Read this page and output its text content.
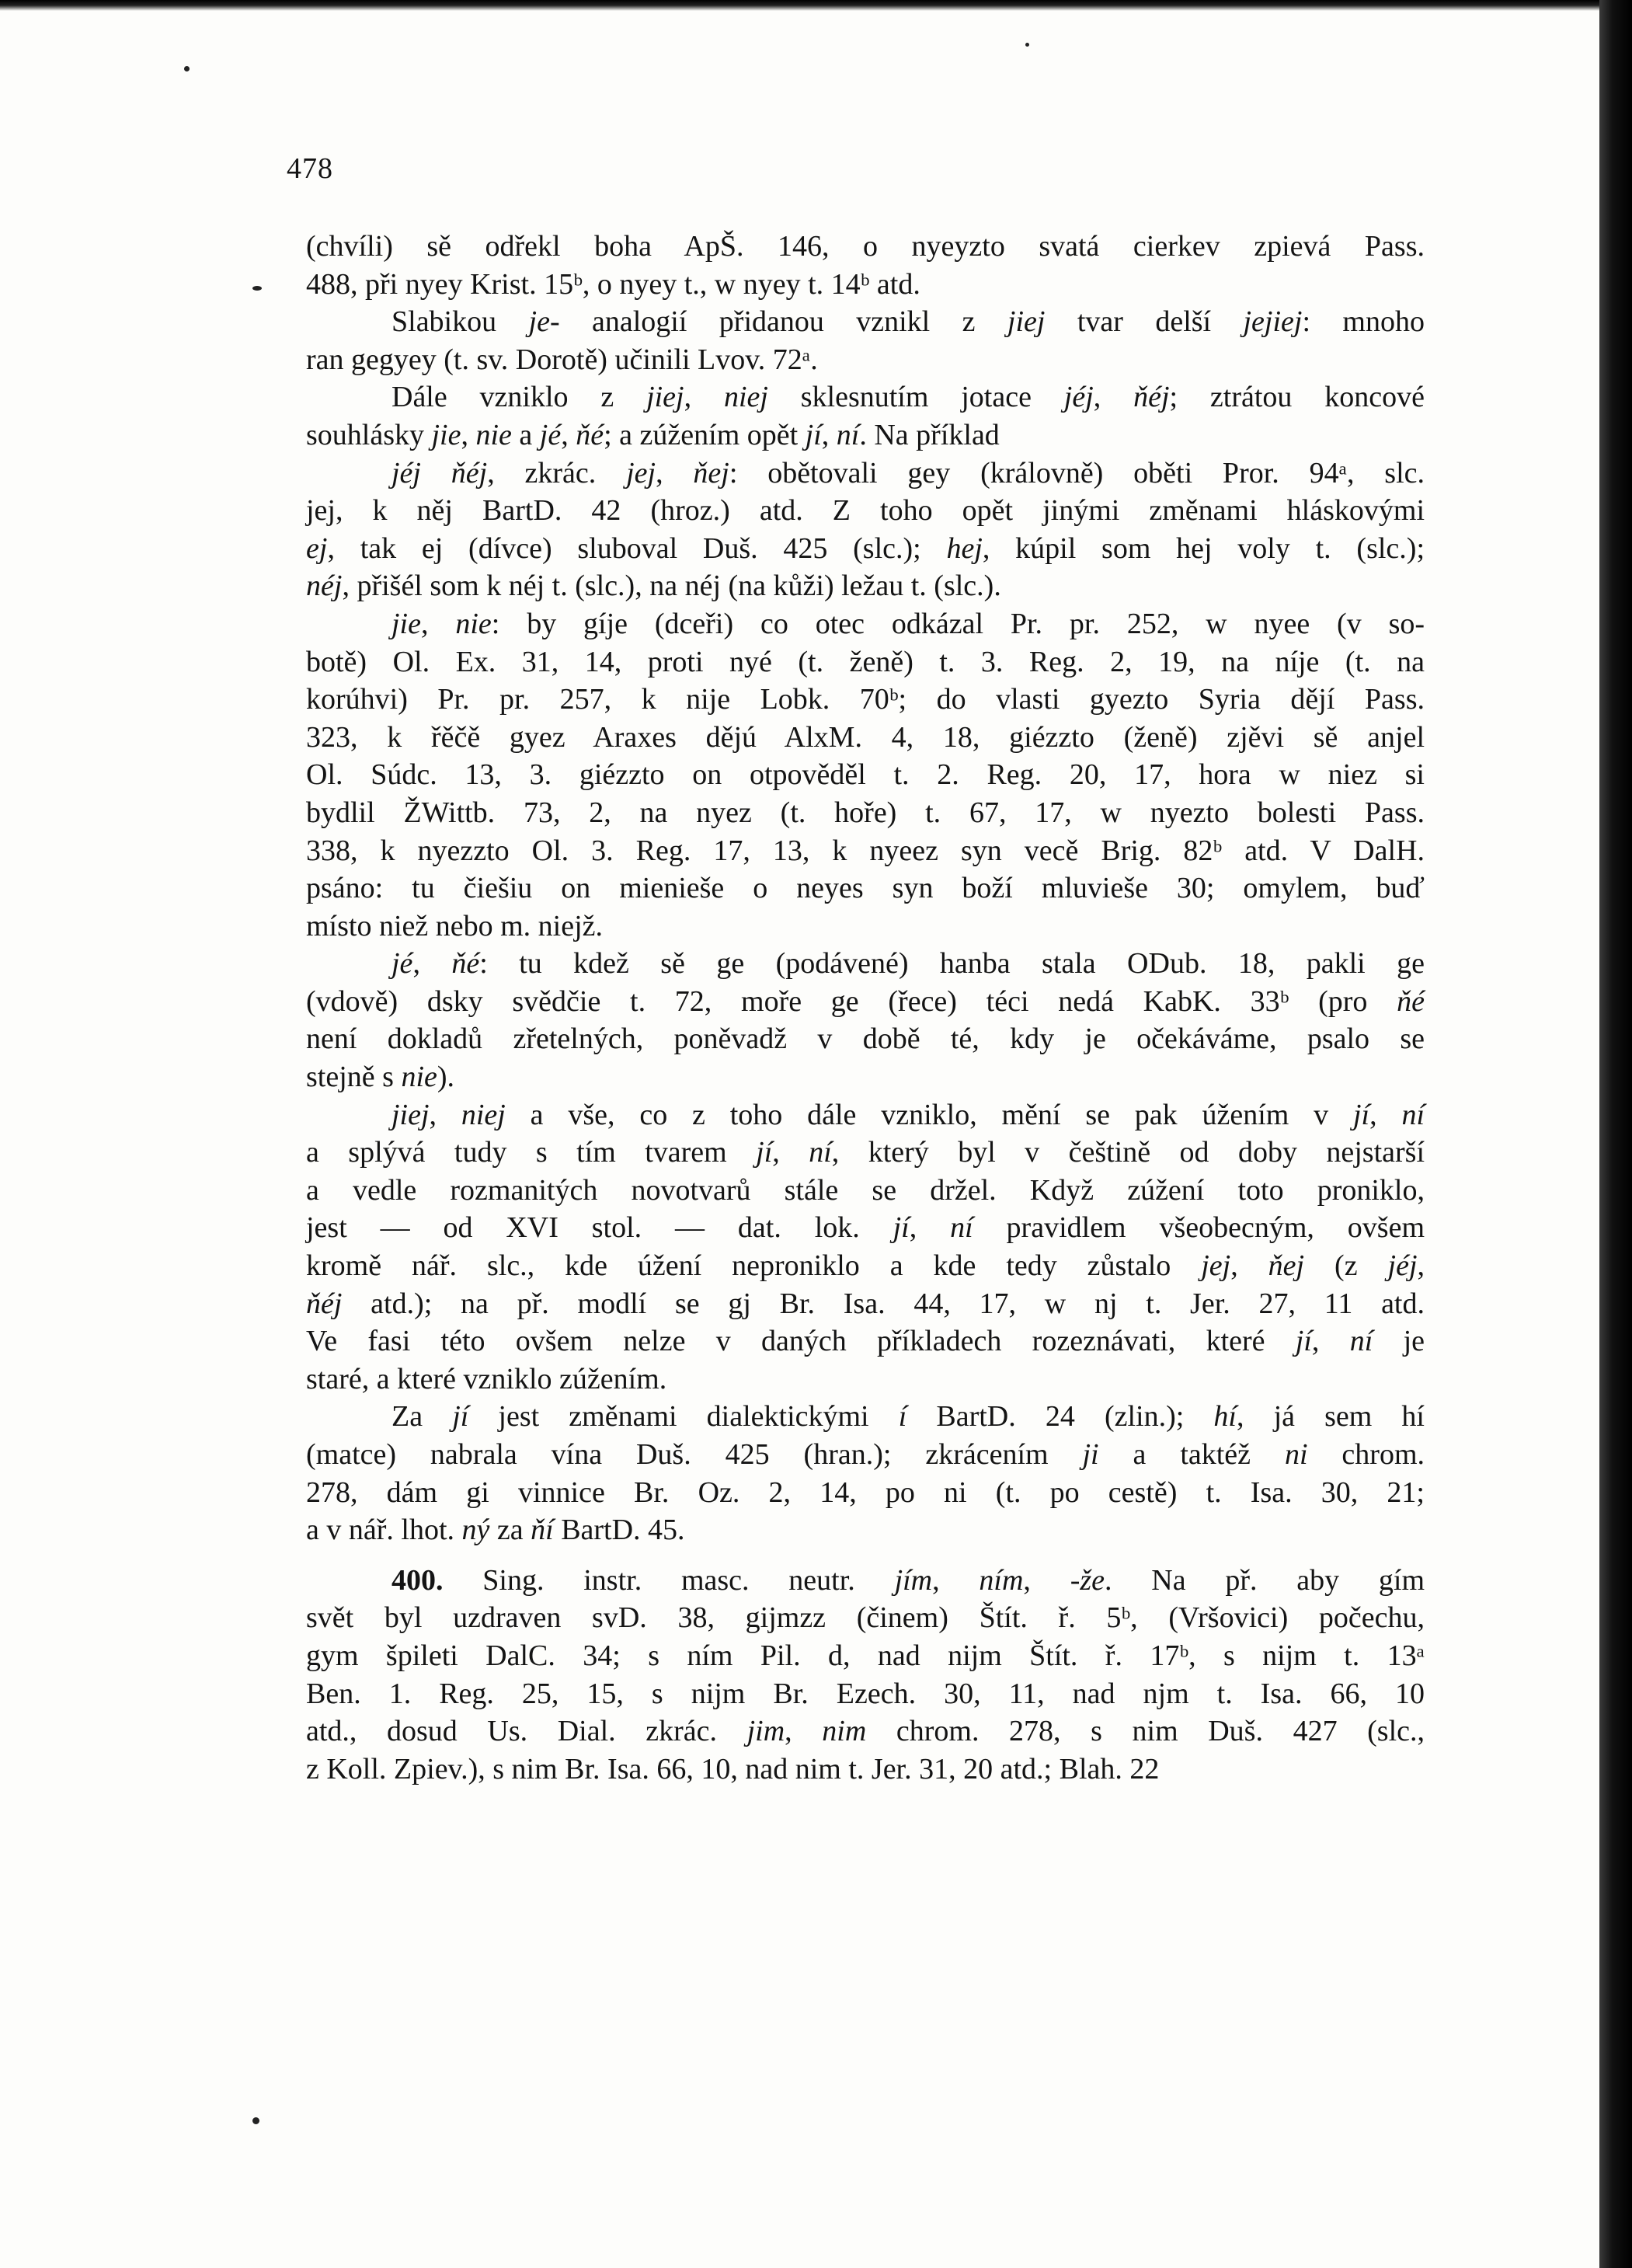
478
(chvíli) sě odřekl boha ApŠ. 146, o nyeyzto svatá cierkev zpievá Pass.
488, při nyey Krist. 15ᵇ, o nyey t., w nyey t. 14ᵇ atd.
Slabikou je- analogií přidanou vznikl z jiej tvar delší jejiej: mnoho
ran gegyey (t. sv. Dorotě) učinili Lvov. 72ᵃ.
Dále vzniklo z jiej, niej sklesnutím jotace jéj, ňéj; ztrátou koncové
souhlásky jie, nie a jé, ňé; a zúžením opět jí, ní. Na příklad
jéj ňéj, zkrác. jej, ňej: obětovali gey (královně) oběti Pror. 94ᵃ, slc.
jej, k něj BartD. 42 (hroz.) atd. Z toho opět jinými změnami hláskovými
ej, tak ej (dívce) sluboval Duš. 425 (slc.); hej, kúpil som hej voly t. (slc.);
néj, přišél som k néj t. (slc.), na néj (na kůži) ležau t. (slc.).
jie, nie: by gíje (dceři) co otec odkázal Pr. pr. 252, w nyee (v so-
botě) Ol. Ex. 31, 14, proti nyé (t. ženě) t. 3. Reg. 2, 19, na níje (t. na
korúhvi) Pr. pr. 257, k nije Lobk. 70ᵇ; do vlasti gyezto Syria dějí Pass.
323, k řěčě gyez Araxes dějú AlxM. 4, 18, giézzto (ženě) zjěvi sě anjel
Ol. Súdc. 13, 3. giézzto on otpověděl t. 2. Reg. 20, 17, hora w niez si
bydlil ŽWittb. 73, 2, na nyez (t. hoře) t. 67, 17, w nyezto bolesti Pass.
338, k nyezzto Ol. 3. Reg. 17, 13, k nyeez syn vecě Brig. 82ᵇ atd. V DalH.
psáno: tu čiešiu on mieniešе o neyes syn boží mluviešе 30; omylem, buď
místo niež nebo m. niejž.
jé, ňé: tu kdež sě ge (podávené) hanba stala ODub. 18, pakli ge
(vdově) dsky svědčie t. 72, moře ge (řece) téci nedá KabK. 33ᵇ (pro ňé
není dokladů zřetelných, poněvadž v době té, kdy je očekáváme, psalo se
stejně s nie).
jiej, niej a vše, co z toho dále vzniklo, mění se pak úžením v jí, ní
a splývá tudy s tím tvarem jí, ní, který byl v češtině od doby nejstarší
a vedle rozmanitých novotvarů stále se držel. Když zúžení toto proniklo,
jest — od XVI stol. — dat. lok. jí, ní pravidlem všeobecným, ovšem
kromě nář. slc., kde úžení neproniklo a kde tedy zůstalo jej, ňej (z jéj,
ňéj atd.); na př. modlí se gj Br. Isa. 44, 17, w nj t. Jer. 27, 11 atd.
Ve fasi této ovšem nelze v daných příkladech rozeznávati, které jí, ní je
staré, a které vzniklo zúžením.
Za jí jest změnami dialektickými í BartD. 24 (zlin.); hí, já sem hí
(matce) nabrala vína Duš. 425 (hran.); zkrácením ji a taktéž ni chrom.
278, dám gi vinnice Br. Oz. 2, 14, po ni (t. po cestě) t. Isa. 30, 21;
a v nář. lhot. ný za ňí BartD. 45.
400. Sing. instr. masc. neutr. jím, ním, -že. Na př. aby gím
svět byl uzdraven svD. 38, gijmzz (činem) Štít. ř. 5ᵇ, (Vršovici) počechu,
gym špileti DalC. 34; s ním Pil. d, nad nijm Štít. ř. 17ᵇ, s nijm t. 13ᵃ
Ben. 1. Reg. 25, 15, s nijm Br. Ezech. 30, 11, nad njm t. Isa. 66, 10
atd., dosud Us. Dial. zkrác. jim, nim chrom. 278, s nim Duš. 427 (slc.,
z Koll. Zpiev.), s nim Br. Isa. 66, 10, nad nim t. Jer. 31, 20 atd.; Blah. 22
